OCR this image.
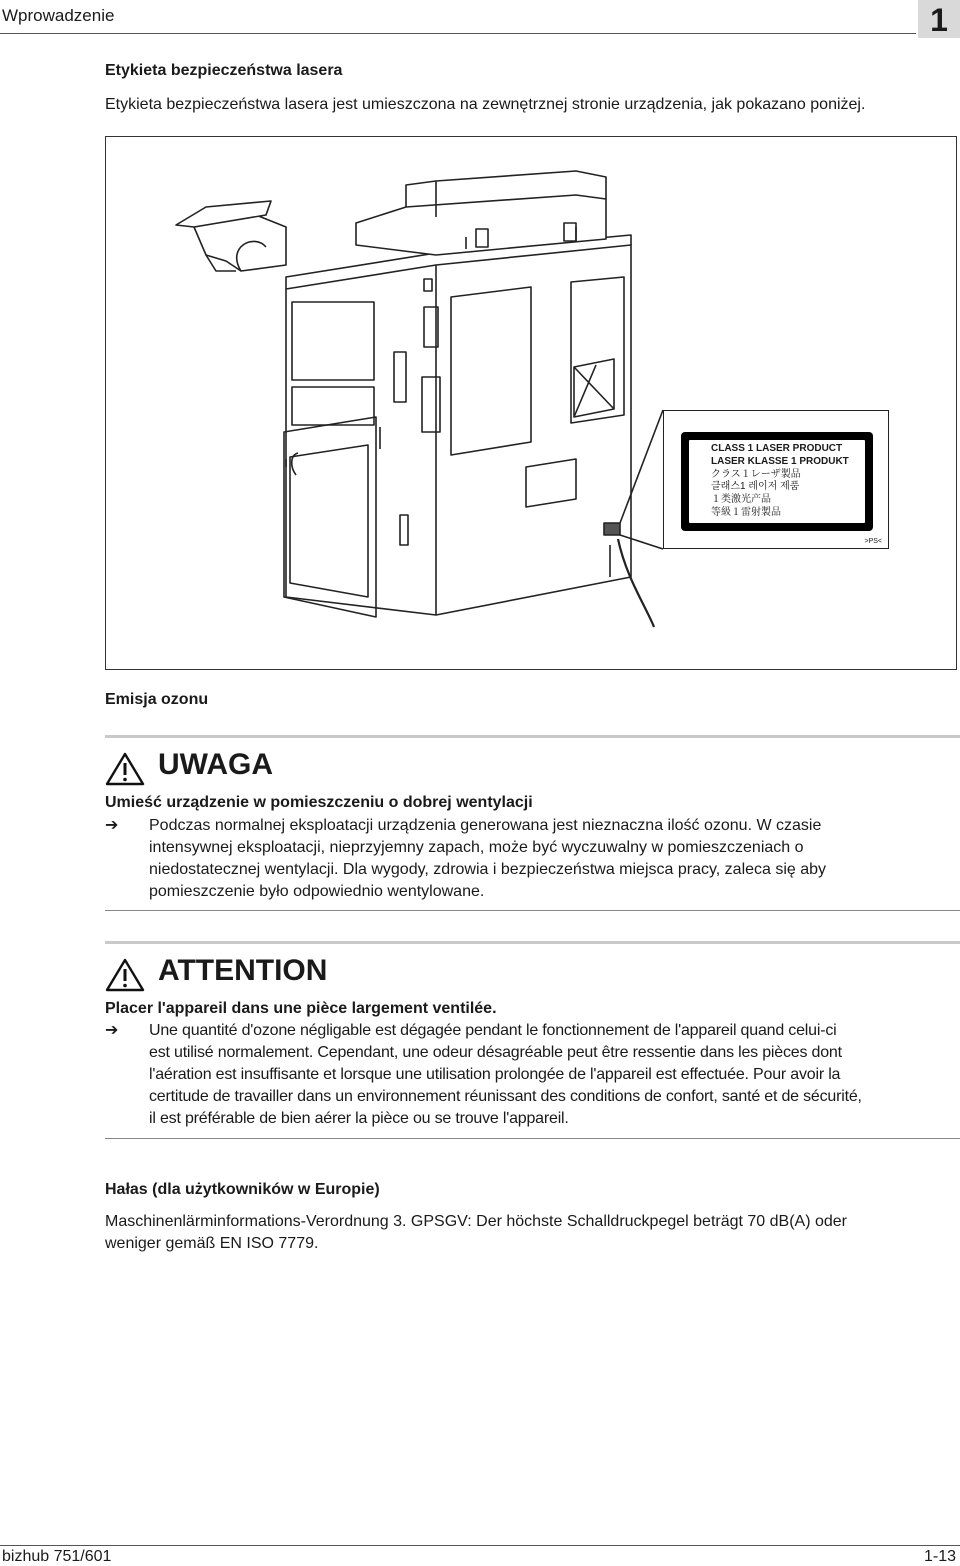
Wprowadzenie	1
Etykieta bezpieczeństwa lasera
Etykieta bezpieczeństwa lasera jest umieszczona na zewnętrznej stronie urządzenia, jak pokazano poniżej.
CLASS 1 LASER PRODUCT
LASER KLASSE 1 PRODUKT
クラス１レーザ製品
클래스1 레이저 제품
１类激光产品
等級１雷射製品
>PS<
Emisja ozonu
UWAGA
Umieść urządzenie w pomieszczeniu o dobrej wentylacji
➔ Podczas normalnej eksploatacji urządzenia generowana jest nieznaczna ilość ozonu. W czasie
intensywnej eksploatacji, nieprzyjemny zapach, może być wyczuwalny w pomieszczeniach o
niedostatecznej wentylacji. Dla wygody, zdrowia i bezpieczeństwa miejsca pracy, zaleca się aby
pomieszczenie było odpowiednio wentylowane.
ATTENTION
Placer l'appareil dans une pièce largement ventilée.
➔ Une quantité d'ozone négligable est dégagée pendant le fonctionnement de l'appareil quand celui-ci
est utilisé normalement. Cependant, une odeur désagréable peut être ressentie dans les pièces dont
l'aération est insuffisante et lorsque une utilisation prolongée de l'appareil est effectuée. Pour avoir la
certitude de travailler dans un environnement réunissant des conditions de confort, santé et de sécurité,
il est préférable de bien aérer la pièce ou se trouve l'appareil.
Hałas (dla użytkowników w Europie)
Maschinenlärminformations-Verordnung 3. GPSGV: Der höchste Schalldruckpegel beträgt 70 dB(A) oder
weniger gemäß EN ISO 7779.
bizhub 751/601	1-13
